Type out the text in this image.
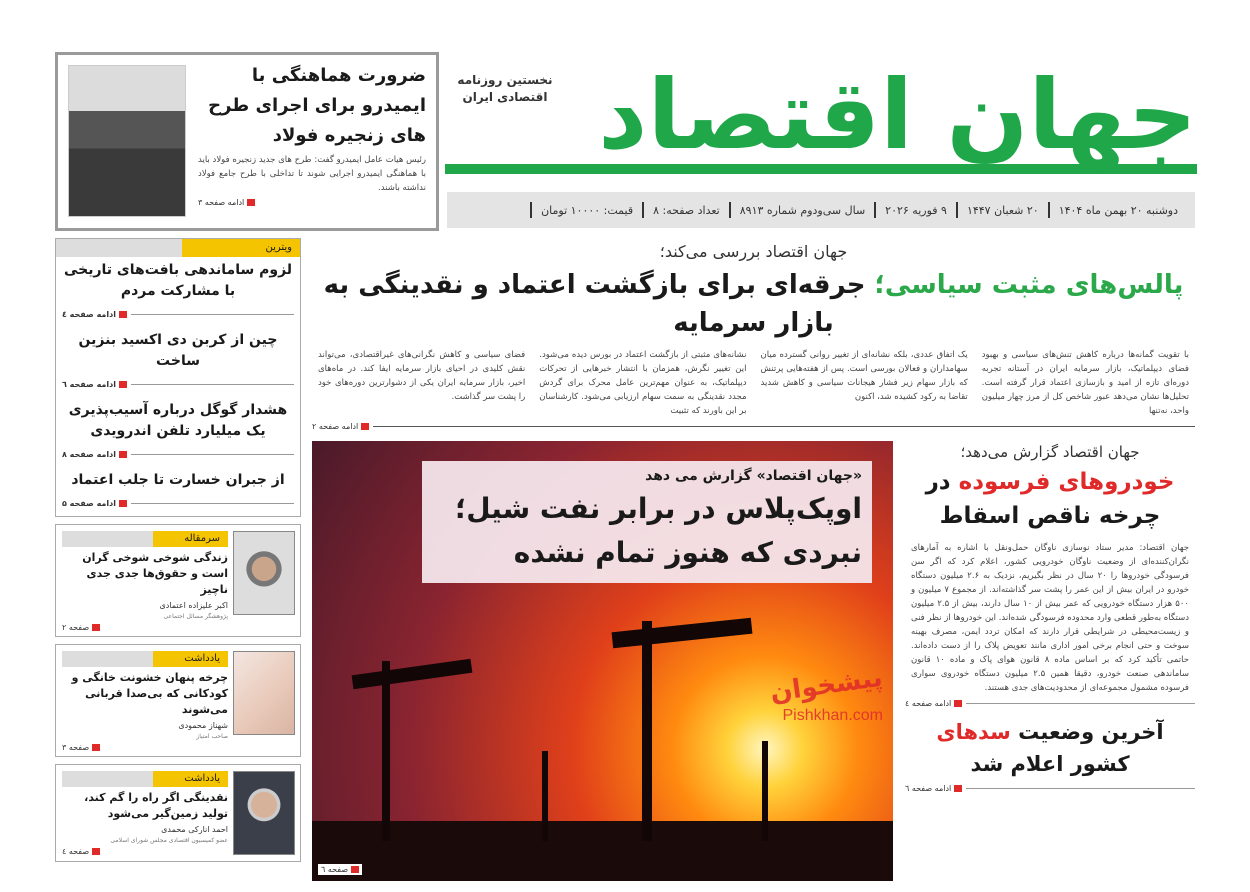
جهان اقتصاد
نخستین روزنامه اقتصادی ایران
دوشنبه ۲۰ بهمن ماه ۱۴۰۴
۲۰ شعبان ۱۴۴۷
۹ فوریه ۲۰۲۶
سال سی‌ودوم شماره ۸۹۱۳
تعداد صفحه: ۸
قیمت: ۱۰۰۰۰ تومان
ضرورت هماهنگی با ایمیدرو برای اجرای طرح های زنجیره فولاد

رئیس هیات عامل ایمیدرو گفت: طرح های جدید زنجیره فولاد باید با هماهنگی ایمیدرو اجرایی شوند تا تداخلی با طرح جامع فولاد نداشته باشند.

ادامه صفحه ۳
جهان اقتصاد بررسی می‌کند؛
پالس‌های مثبت سیاسی؛ جرقه‌ای برای بازگشت اعتماد و نقدینگی به بازار سرمایه
با تقویت گمانه‌ها درباره کاهش تنش‌های سیاسی و بهبود فضای دیپلماتیک، بازار سرمایه ایران در آستانه تجربه دوره‌ای تازه از امید و بازسازی اعتماد قرار گرفته است. تحلیل‌ها نشان می‌دهد عبور شاخص کل از مرز چهار میلیون واحد، نه‌تنها
یک اتفاق عددی، بلکه نشانه‌ای از تغییر روانی گسترده میان سهامداران و فعالان بورسی است. پس از هفته‌هایی پرتنش که بازار سهام زیر فشار هیجانات سیاسی و کاهش شدید تقاضا به رکود کشیده شد، اکنون
نشانه‌های مثبتی از بازگشت اعتماد در بورس دیده می‌شود. این تغییر نگرش، همزمان با انتشار خبرهایی از تحرکات دیپلماتیک، به عنوان مهم‌ترین عامل محرک برای گردش مجدد نقدینگی به سمت سهام ارزیابی می‌شود. کارشناسان بر این باورند که تثبیت
فضای سیاسی و کاهش نگرانی‌های غیراقتصادی، می‌تواند نقش کلیدی در احیای بازار سرمایه ایفا کند. در ماه‌های اخیر، بازار سرمایه ایران یکی از دشوارترین دوره‌های خود را پشت سر گذاشت.
ادامه صفحه ۲
«جهان اقتصاد» گزارش می دهد
اوپک‌پلاس در برابر نفت شیل؛ نبردی که هنوز تمام نشده
پیشخوان
Pishkhan.com
صفحه ٦
جهان اقتصاد گزارش می‌دهد؛
خودروهای فرسوده در
چرخه ناقص اسقاط

جهان اقتصاد: مدیر ستاد نوسازی ناوگان حمل‌ونقل با اشاره به آمارهای نگران‌کننده‌ای از وضعیت ناوگان خودرویی کشور، اعلام کرد که اگر سن فرسودگی خودروها را ۲۰ سال در نظر بگیریم، نزدیک به ۲.۶ میلیون دستگاه خودرو در ایران بیش از این عمر را پشت سر گذاشته‌اند. از مجموع ۷ میلیون و ۵۰۰ هزار دستگاه خودرویی که عمر بیش از ۱۰ سال دارند، بیش از ۲.۵ میلیون دستگاه به‌طور قطعی وارد محدوده فرسودگی شده‌اند. این خودروها از نظر فنی و زیست‌محیطی در شرایطی قرار دارند که امکان تردد ایمن، مصرف بهینه سوخت و حتی انجام برخی امور اداری مانند تعویض پلاک را از دست داده‌اند. حاتمی تأکید کرد که بر اساس ماده ۸ قانون هوای پاک و ماده ۱۰ قانون ساماندهی صنعت خودرو، دقیقا همین ۲.۵ میلیون دستگاه خودروی سواری فرسوده مشمول مجموعه‌ای از محدودیت‌های جدی هستند.

ادامه صفحه ٤
آخرین وضعیت سدهای
کشور اعلام شد
ادامه صفحه ٦
ویترین
لزوم ساماندهی بافت‌های تاریخی با مشارکت مردم
ادامه صفحه ٤
چین از کربن دی اکسید بنزین ساخت
ادامه صفحه ٦
هشدار گوگل درباره آسیب‌پذیری یک میلیارد تلفن اندرویدی
ادامه صفحه ۸
از جبران خسارت تا جلب اعتماد
ادامه صفحه ۵
سرمقاله
زندگی شوخی شوخی گران است و حقوق‌ها جدی جدی ناچیز
اکبر علیزاده اعتمادی
پژوهشگر مسائل اجتماعی
صفحه ۲
یادداشت
چرخه پنهان خشونت خانگی و کودکانی که بی‌صدا قربانی می‌شوند
شهناز محمودی
صاحب امتیاز
صفحه ۳
یادداشت
نقدینگی اگر راه را گم کند، تولید زمین‌گیر می‌شود
احمد انارکی محمدی
عضو کمیسیون اقتصادی مجلس شورای اسلامی
صفحه ٤
